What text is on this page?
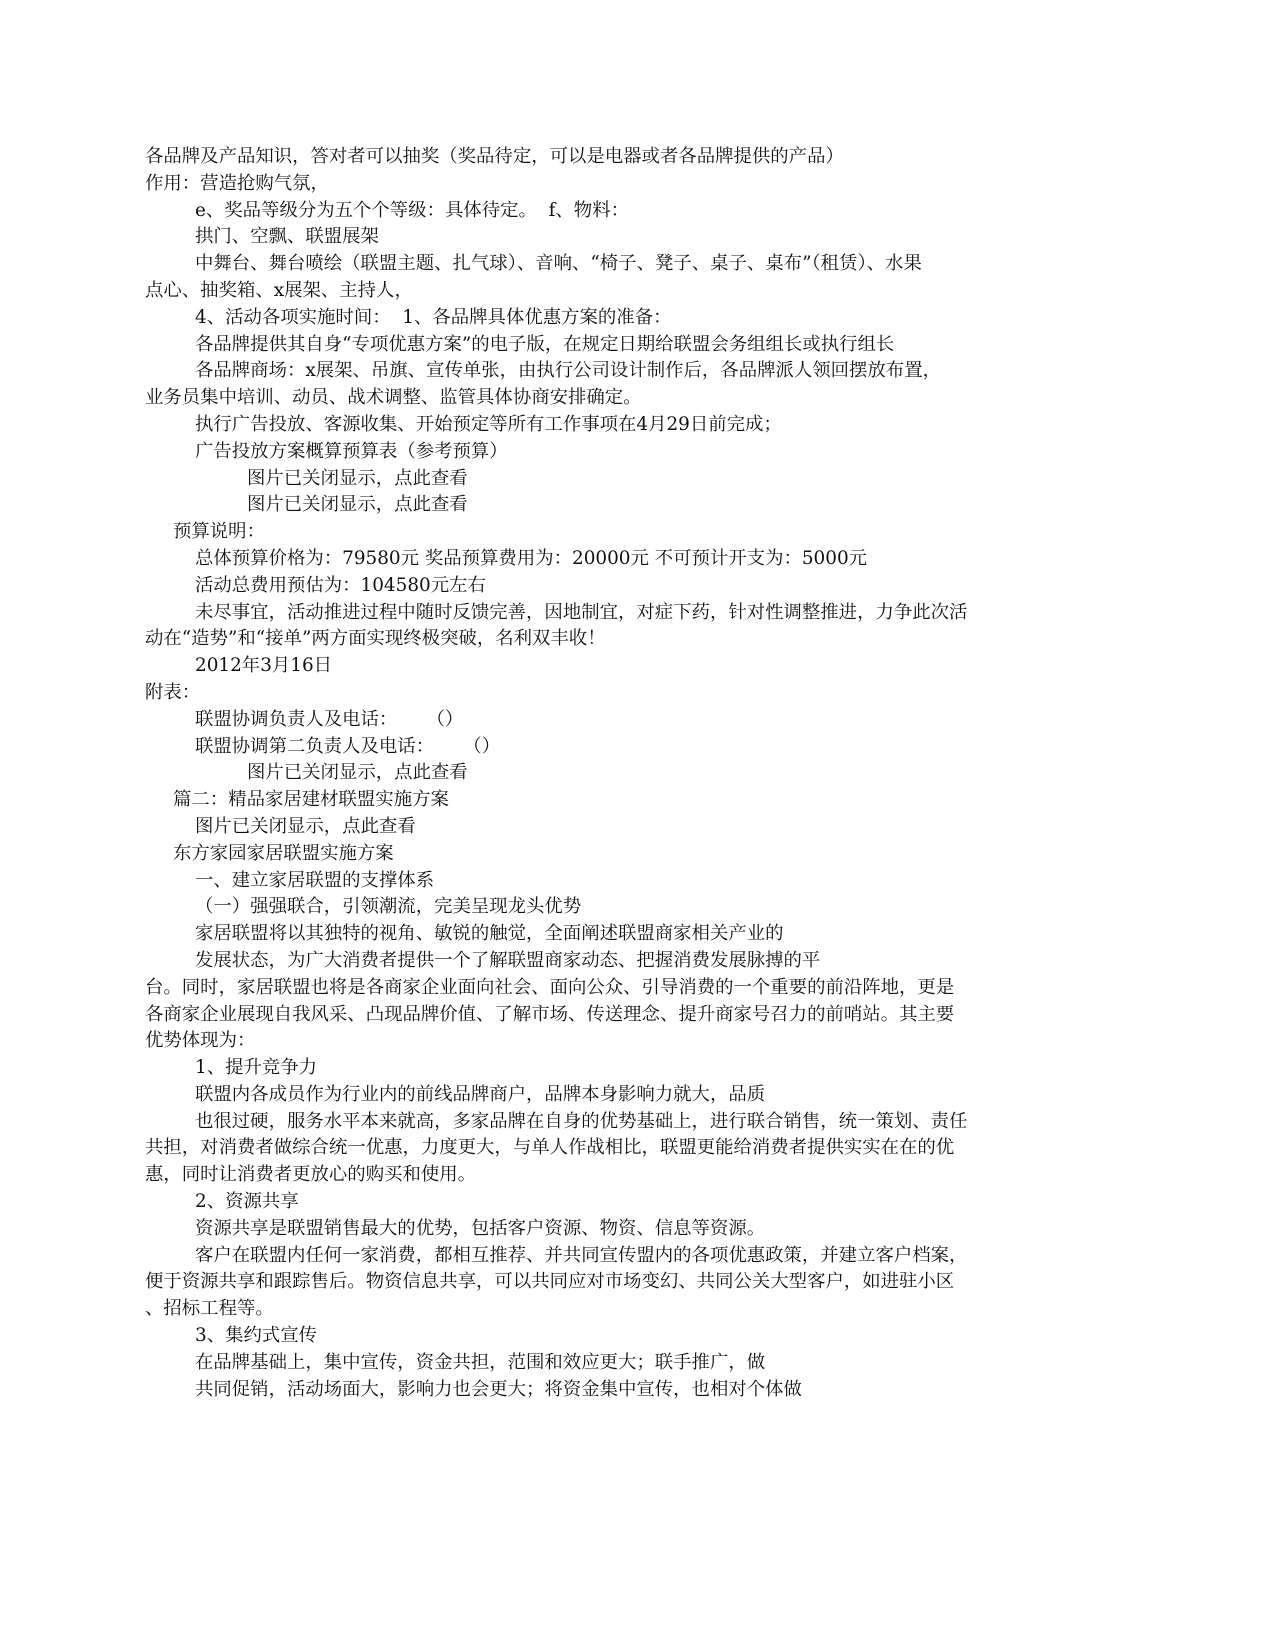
各品牌及产品知识，答对者可以抽奖（奖品待定，可以是电器或者各品牌提供的产品）
作用：营造抢购气氛，
e、奖品等级分为五个个等级：具体待定。  f、物料：
拱门、空飘、联盟展架
中舞台、舞台喷绘（联盟主题、扎气球）、音响、“椅子、凳子、桌子、桌布”（租赁）、水果
点心、抽奖箱、x展架、主持人，
4、活动各项实施时间：  1、各品牌具体优惠方案的准备：
各品牌提供其自身“专项优惠方案”的电子版，在规定日期给联盟会务组组长或执行组长
各品牌商场：x展架、吊旗、宣传单张，由执行公司设计制作后，各品牌派人领回摆放布置，
业务员集中培训、动员、战术调整、监管具体协商安排确定。
执行广告投放、客源收集、开始预定等所有工作事项在4月29日前完成；
广告投放方案概算预算表（参考预算）
图片已关闭显示，点此查看
图片已关闭显示，点此查看
预算说明：
总体预算价格为：79580元 奖品预算费用为：20000元 不可预计开支为：5000元
活动总费用预估为：104580元左右
未尽事宜，活动推进过程中随时反馈完善，因地制宜，对症下药，针对性调整推进，力争此次活
动在“造势”和“接单”两方面实现终极突破，名利双丰收！
2012年3月16日
附表：
联盟协调负责人及电话：     （）
联盟协调第二负责人及电话：     （）
图片已关闭显示，点此查看
篇二：精品家居建材联盟实施方案
图片已关闭显示，点此查看
东方家园家居联盟实施方案
一、建立家居联盟的支撑体系
（一）强强联合，引领潮流，完美呈现龙头优势
家居联盟将以其独特的视角、敏锐的触觉，全面阐述联盟商家相关产业的
发展状态，为广大消费者提供一个了解联盟商家动态、把握消费发展脉搏的平
台。同时，家居联盟也将是各商家企业面向社会、面向公众、引导消费的一个重要的前沿阵地，更是
各商家企业展现自我风采、凸现品牌价值、了解市场、传送理念、提升商家号召力的前哨站。其主要
优势体现为：
1、提升竞争力
联盟内各成员作为行业内的前线品牌商户，品牌本身影响力就大，品质
也很过硬，服务水平本来就高，多家品牌在自身的优势基础上，进行联合销售，统一策划、责任
共担，对消费者做综合统一优惠，力度更大，与单人作战相比，联盟更能给消费者提供实实在在的优
惠，同时让消费者更放心的购买和使用。
2、资源共享
资源共享是联盟销售最大的优势，包括客户资源、物资、信息等资源。
客户在联盟内任何一家消费，都相互推荐、并共同宣传盟内的各项优惠政策，并建立客户档案，
便于资源共享和跟踪售后。物资信息共享，可以共同应对市场变幻、共同公关大型客户，如进驻小区
、招标工程等。
3、集约式宣传
在品牌基础上，集中宣传，资金共担，范围和效应更大；联手推广，做
共同促销，活动场面大，影响力也会更大；将资金集中宣传，也相对个体做
